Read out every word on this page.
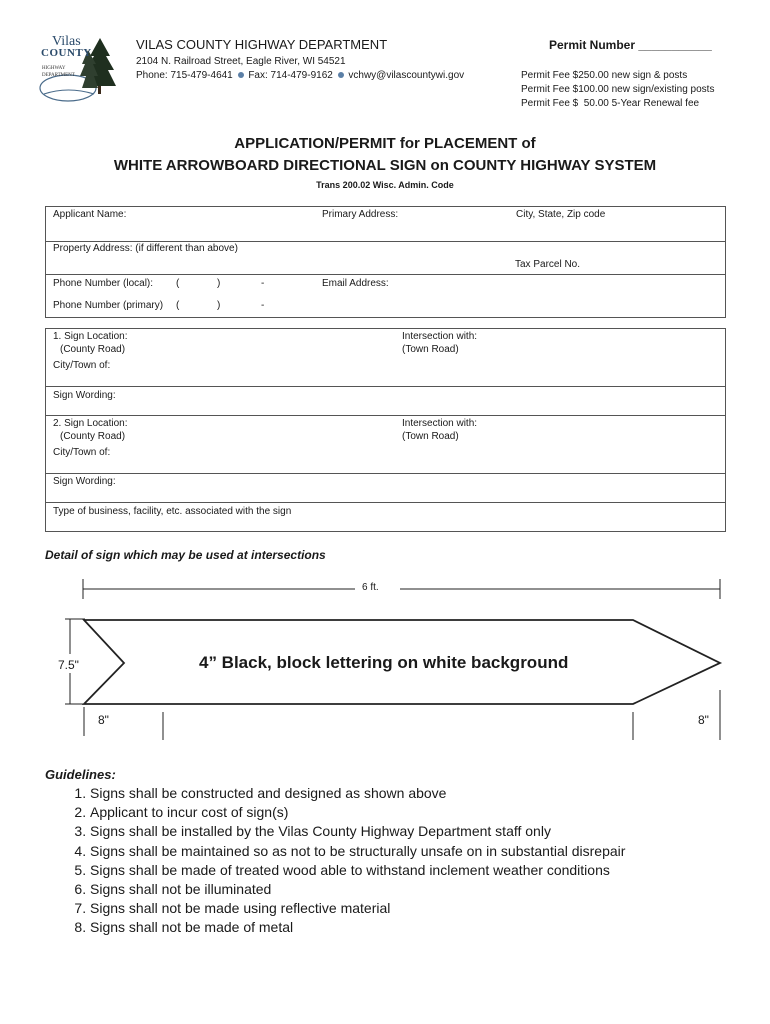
Vilas
COUNTY
HIGHWAY
DEPARTMENT
VILAS COUNTY HIGHWAY DEPARTMENT
2104 N. Railroad Street, Eagle River, WI 54521
Phone: 715-479-4641 Fax: 714-479-9162 vchwy@vilascountywi.gov
Permit Number ___________
Permit Fee $250.00 new sign & posts
Permit Fee $100.00 new sign/existing posts
Permit Fee $  50.00 5-Year Renewal fee
APPLICATION/PERMIT for PLACEMENT of
WHITE ARROWBOARD DIRECTIONAL SIGN on COUNTY HIGHWAY SYSTEM
Trans 200.02 Wisc. Admin. Code
Applicant Name:	Primary Address:	City, State, Zip code
Property Address: (if different than above)
Tax Parcel No.
Phone Number (local): (	)	-	Email Address:
Phone Number (primary) (	)	-
1. Sign Location:
(County Road)
Intersection with:
(Town Road)
City/Town of:
Sign Wording:
2. Sign Location:
(County Road)
Intersection with:
(Town Road)
City/Town of:
Sign Wording:
Type of business, facility, etc. associated with the sign
Detail of sign which may be used at intersections
6 ft.
7.5"	4” Black, block lettering on white background
8"	8"
Guidelines:
1. Signs shall be constructed and designed as shown above
2. Applicant to incur cost of sign(s)
3. Signs shall be installed by the Vilas County Highway Department staff only
4. Signs shall be maintained so as not to be structurally unsafe on in substantial disrepair
5. Signs shall be made of treated wood able to withstand inclement weather conditions
6. Signs shall not be illuminated
7. Signs shall not be made using reflective material
8. Signs shall not be made of metal
